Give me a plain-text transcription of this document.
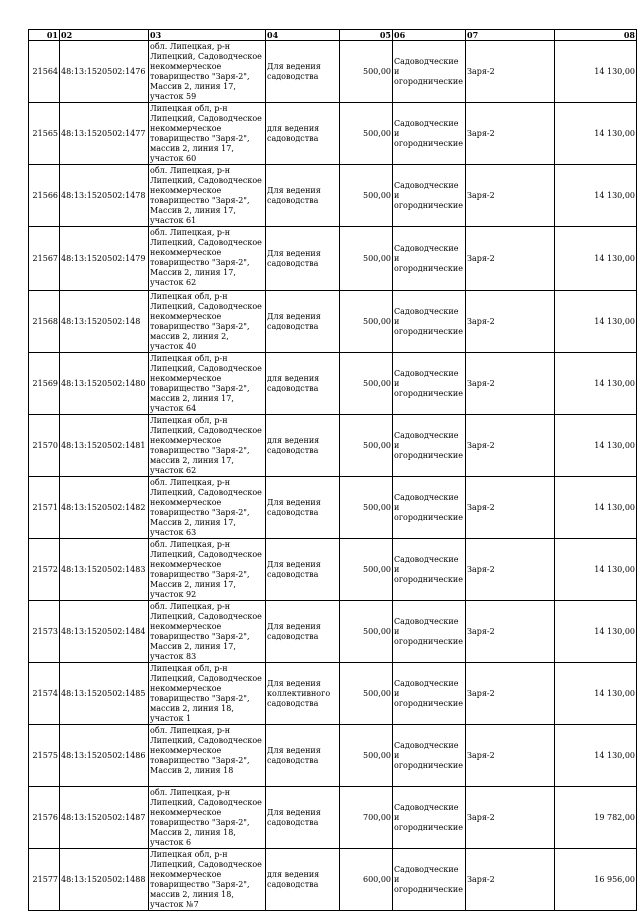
01	02	03	04	05	06	07	08
21564	48:13:1520502:1476	обл. Липецкая, р-н Липецкий, Садоводческое некоммерческое товарищество "Заря-2", Массив 2, линия 17, участок 59	Для ведения садоводства	500,00	Садоводческие и огороднические	Заря-2	14 130,00
21565	48:13:1520502:1477	Липецкая обл, р-н Липецкий, Садоводческое некоммерческое товарищество "Заря-2", массив 2, линия 17, участок 60	для ведения садоводства	500,00	Садоводческие и огороднические	Заря-2	14 130,00
21566	48:13:1520502:1478	обл. Липецкая, р-н Липецкий, Садоводческое некоммерческое товарищество "Заря-2", Массив 2, линия 17, участок 61	Для ведения садоводства	500,00	Садоводческие и огороднические	Заря-2	14 130,00
21567	48:13:1520502:1479	обл. Липецкая, р-н Липецкий, Садоводческое некоммерческое товарищество "Заря-2", Массив 2, линия 17, участок 62	Для ведения садоводства	500,00	Садоводческие и огороднические	Заря-2	14 130,00
21568	48:13:1520502:148	Липецкая обл, р-н Липецкий, Садоводческое некоммерческое товарищество "Заря-2", массив 2, линия 2, участок 40	Для ведения садоводства	500,00	Садоводческие и огороднические	Заря-2	14 130,00
21569	48:13:1520502:1480	Липецкая обл, р-н Липецкий, Садоводческое некоммерческое товарищество "Заря-2", массив 2, линия 17, участок 64	для ведения садоводства	500,00	Садоводческие и огороднические	Заря-2	14 130,00
21570	48:13:1520502:1481	Липецкая обл, р-н Липецкий, Садоводческое некоммерческое товарищество "Заря-2", массив 2, линия 17, участок 62	для ведения садоводства	500,00	Садоводческие и огороднические	Заря-2	14 130,00
21571	48:13:1520502:1482	обл. Липецкая, р-н Липецкий, Садоводческое некоммерческое товарищество "Заря-2", Массив 2, линия 17, участок 63	Для ведения садоводства	500,00	Садоводческие и огороднические	Заря-2	14 130,00
21572	48:13:1520502:1483	обл. Липецкая, р-н Липецкий, Садоводческое некоммерческое товарищество "Заря-2", Массив 2, линия 17, участок 92	Для ведения садоводства	500,00	Садоводческие и огороднические	Заря-2	14 130,00
21573	48:13:1520502:1484	обл. Липецкая, р-н Липецкий, Садоводческое некоммерческое товарищество "Заря-2", Массив 2, линия 17, участок 83	Для ведения садоводства	500,00	Садоводческие и огороднические	Заря-2	14 130,00
21574	48:13:1520502:1485	Липецкая обл, р-н Липецкий, Садоводческое некоммерческое товарищество "Заря-2", массив 2, линия 18, участок 1	Для ведения коллективного садоводства	500,00	Садоводческие и огороднические	Заря-2	14 130,00
21575	48:13:1520502:1486	обл. Липецкая, р-н Липецкий, Садоводческое некоммерческое товарищество "Заря-2", Массив 2, линия 18	Для ведения садоводства	500,00	Садоводческие и огороднические	Заря-2	14 130,00
21576	48:13:1520502:1487	обл. Липецкая, р-н Липецкий, Садоводческое некоммерческое товарищество "Заря-2", Массив 2, линия 18, участок 6	Для ведения садоводства	700,00	Садоводческие и огороднические	Заря-2	19 782,00
21577	48:13:1520502:1488	Липецкая обл, р-н Липецкий, Садоводческое некоммерческое товарищество "Заря-2", массив 2, линия 18, участок №7	для ведения садоводства	600,00	Садоводческие и огороднические	Заря-2	16 956,00
